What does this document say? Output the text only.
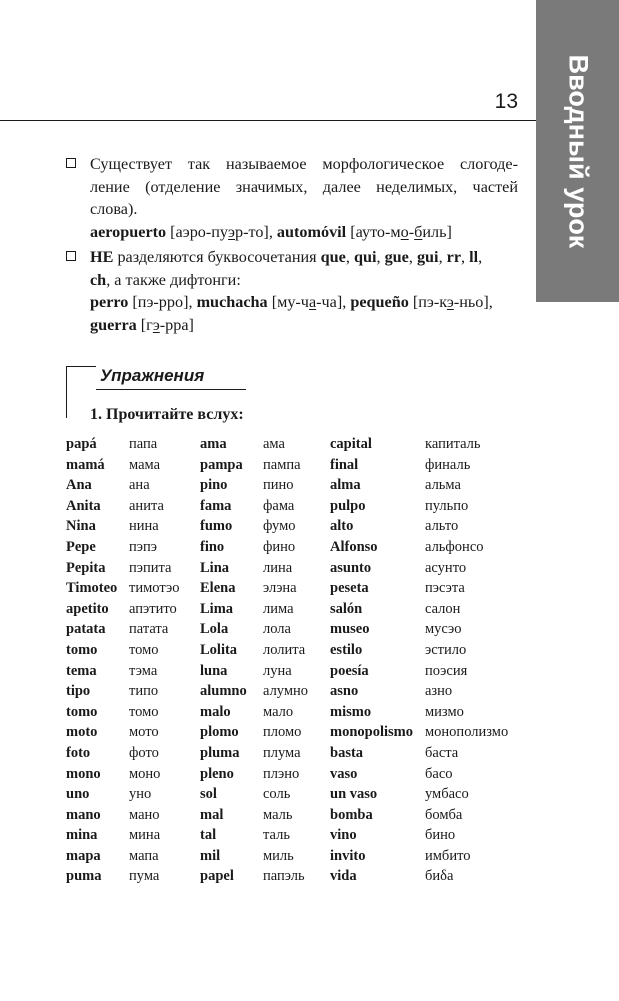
Вводный урок
13
Существует так называемое морфологическое слогоде-
ление (отделение значимых, далее неделимых, частей
слова).
aeropuerto [аэро-пуэр-то], automóvil [ауто-мо-биль]
НЕ разделяются буквосочетания que, qui, gue, gui, rr, ll,
ch, а также дифтонги:
perro [пэ-рро], muchacha [му-ча-ча], pequeño [пэ-кэ-ньо],
guerra [гэ-рра]
Упражнения
1. Прочитайте вслух:
papá
mamá
Ana
Anita
Nina
Pepe
Pepita
Timoteo
apetito
patata
tomo
tema
tipo
tomo
moto
foto
mono
uno
mano
mina
mapa
puma
папа
мама
ана
анита
нина
пэпэ
пэпита
тимотэо
апэтито
патата
томо
тэма
типо
томо
мото
фото
моно
уно
мано
мина
мапа
пума
ama
pampa
pino
fama
fumo
fino
Lina
Elena
Lima
Lola
Lolita
luna
alumno
malo
plomo
pluma
pleno
sol
mal
tal
mil
papel
ама
пампа
пино
фама
фумо
фино
лина
элэна
лима
лола
лолита
луна
алумно
мало
пломо
плума
плэно
соль
маль
таль
миль
папэль
capital
final
alma
pulpo
alto
Alfonso
asunto
peseta
salón
museo
estilo
poesía
asno
mismo
monopolismo
basta
vaso
un vaso
bomba
vino
invito
vida
капиталь
финаль
альма
пульпо
альто
альфонсо
асунто
пэсэта
салон
мусэо
эстило
поэсия
азно
мизмо
монополизмо
баста
басо
умбасо
бомба
бино
имбито
биδа
